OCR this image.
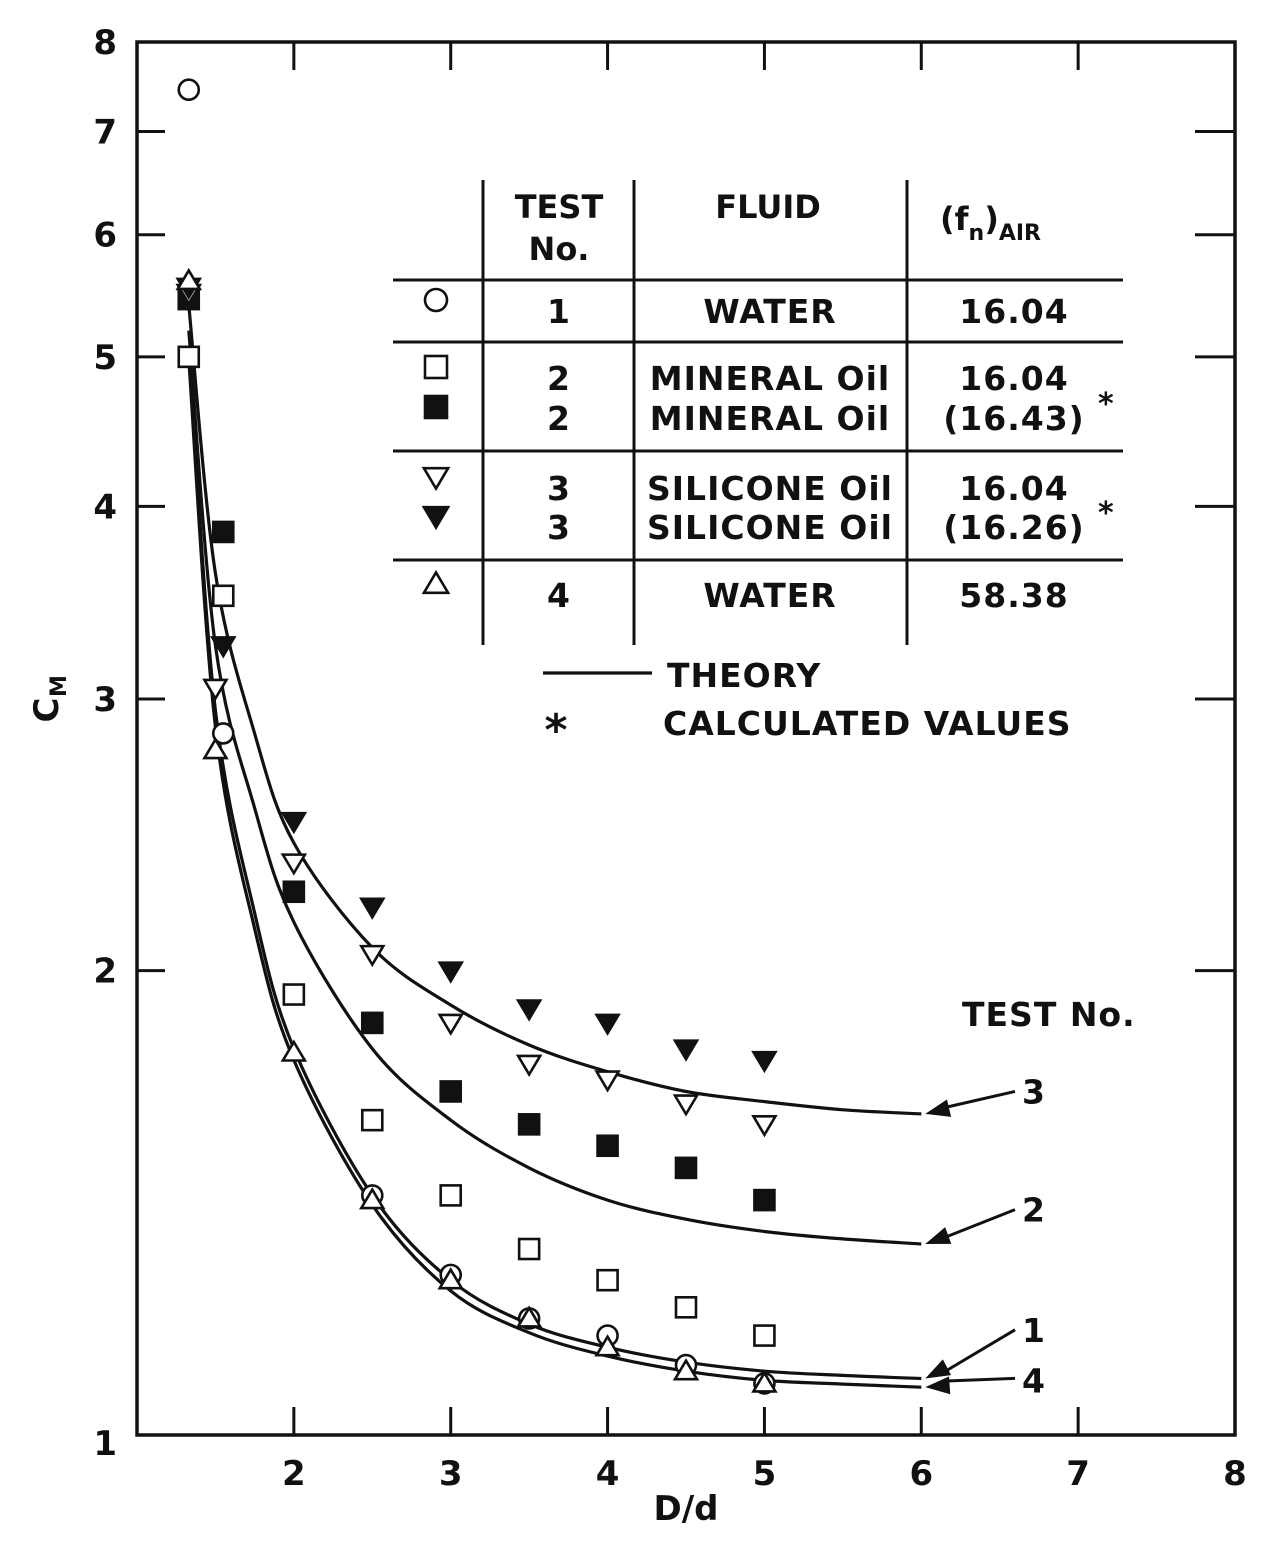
2	3	4	5	6	7	8
1
2
3
4
5
6
7
8
D/d
C
M
TEST
No.
FLUID	$(f_n)_{AIR}$
1	WATER	16.04
2 MINERAL Oil 16.04
2 MINERAL Oil (16.43) *
3 SILICONE Oil 16.04
3 SILICONE Oil (16.26) *
4	WATER	58.38
THEORY
*	CALCULATED VALUES
TEST No.
3
2
1
4
